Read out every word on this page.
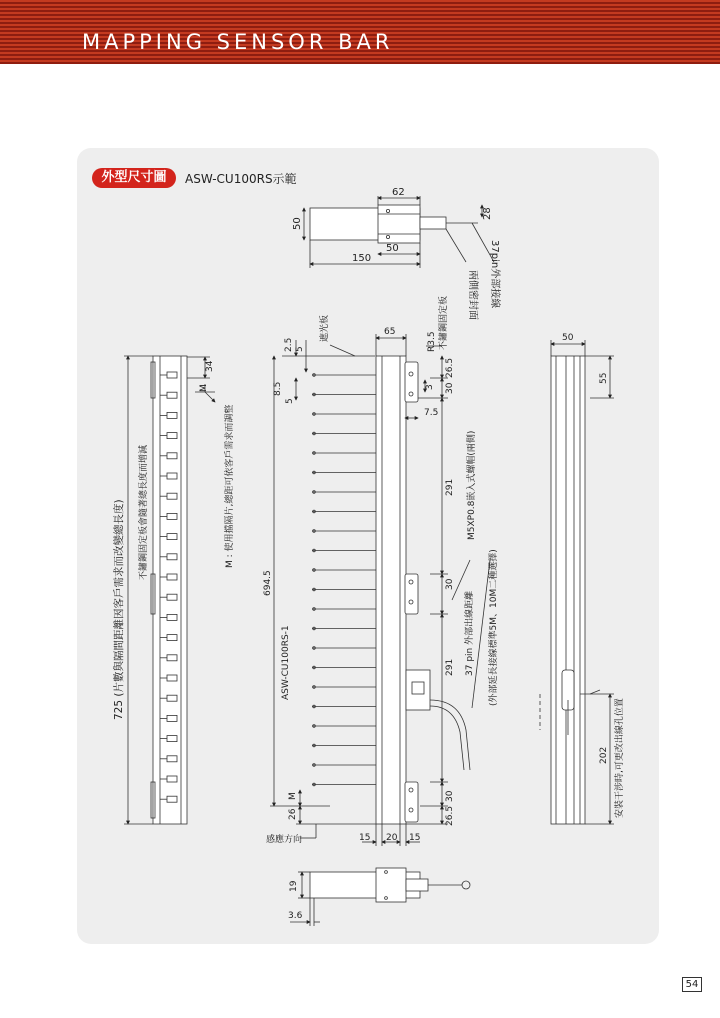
MAPPING SENSOR BAR
外型尺寸圖	ASW-CU100RS示範
62
28
50
50
150
兩側密封面 37pin外部接線
34
M
725 (片數與隔間距離因客戶需求而改變總長度) 不鏽鋼固定板會隨著總長度而增減	M : 使用擋隔片,總距可依客戶需求而調整
65
2.5 5
遮光板	R3.5 不鏽鋼固定板
26.5
30
3
8.5
5
7.5
291 M5XP0.8嵌入式螺帽(兩側)
694.5	30
37 pin 外部出線距離 (外部延長接線標準5M、10M二種選擇)
291
ASW-CU100RS-1
M
26
30
26.5
15 20 15
感應方向
50
55
202 安裝干涉時,可更改出線孔位置
19
3.6
54
